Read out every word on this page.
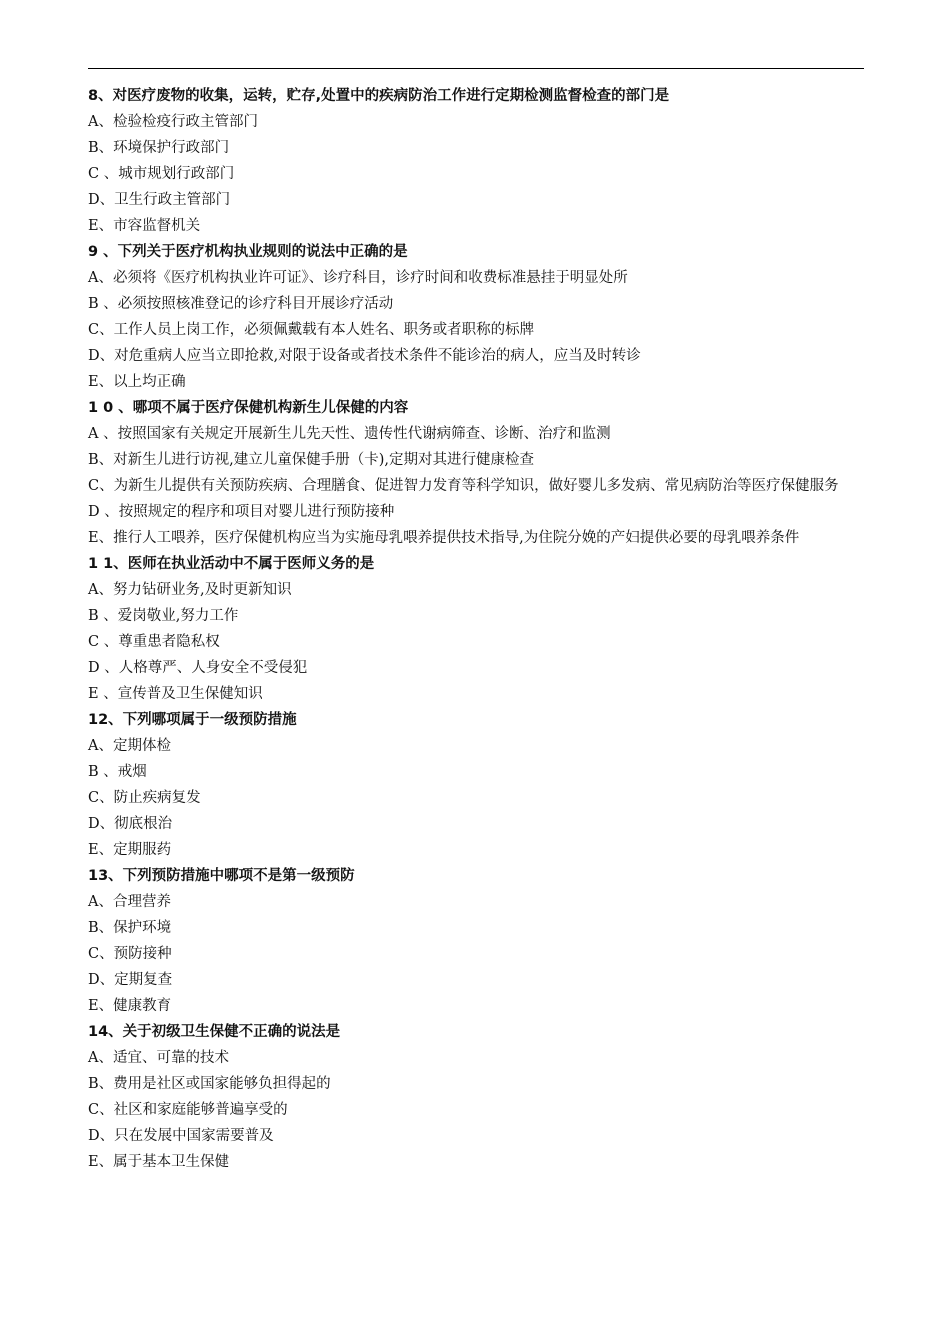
8、对医疗废物的收集，运转，贮存,处置中的疾病防治工作进行定期检测监督检查的部门是
A、检验检疫行政主管部门
B、环境保护行政部门
C 、城市规划行政部门
D、卫生行政主管部门
E、市容监督机关
9 、下列关于医疗机构执业规则的说法中正确的是
A、必须将《医疗机构执业许可证》、诊疗科目，诊疗时间和收费标准悬挂于明显处所
B 、必须按照核准登记的诊疗科目开展诊疗活动
C、工作人员上岗工作，必须佩戴载有本人姓名、职务或者职称的标牌
D、对危重病人应当立即抢救,对限于设备或者技术条件不能诊治的病人，应当及时转诊
E、以上均正确
1 0 、哪项不属于医疗保健机构新生儿保健的内容
A 、按照国家有关规定开展新生儿先天性、遗传性代谢病筛查、诊断、治疗和监测
B、对新生儿进行访视,建立儿童保健手册（卡),定期对其进行健康检查
C、为新生儿提供有关预防疾病、合理膳食、促进智力发育等科学知识，做好婴儿多发病、常见病防治等医疗保健服务
D 、按照规定的程序和项目对婴儿进行预防接种
E、推行人工喂养，医疗保健机构应当为实施母乳喂养提供技术指导,为住院分娩的产妇提供必要的母乳喂养条件
1 1、医师在执业活动中不属于医师义务的是
A、努力钻研业务,及时更新知识
B 、爱岗敬业,努力工作
C 、尊重患者隐私权
D 、人格尊严、人身安全不受侵犯
E 、宣传普及卫生保健知识
12、下列哪项属于一级预防措施
A、定期体检
B 、戒烟
C、防止疾病复发
D、彻底根治
E、定期服药
13、下列预防措施中哪项不是第一级预防
A、合理营养
B、保护环境
C、预防接种
D、定期复查
E、健康教育
14、关于初级卫生保健不正确的说法是
A、适宜、可靠的技术
B、费用是社区或国家能够负担得起的
C、社区和家庭能够普遍享受的
D、只在发展中国家需要普及
E、属于基本卫生保健
